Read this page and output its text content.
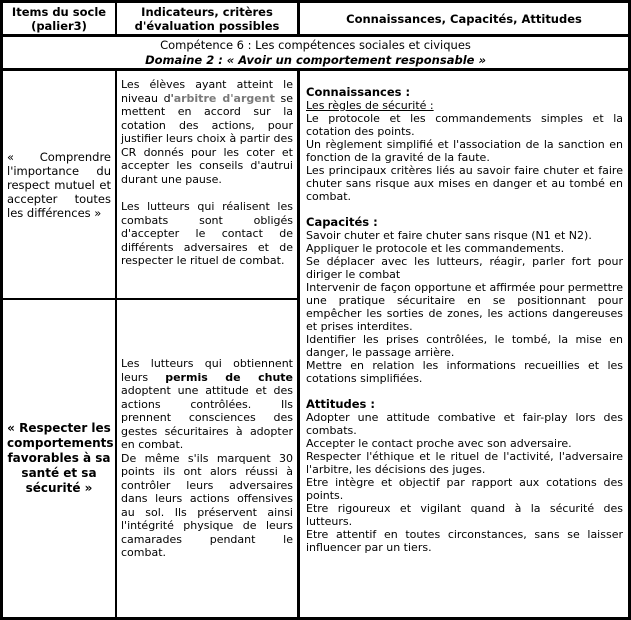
Items du socle (palier3)
Indicateurs, critères d'évaluation possibles	Connaissances, Capacités, Attitudes
Compétence 6 : Les compétences sociales et civiques
Domaine 2 : « Avoir un comportement responsable »
« Comprendre l'importance du respect mutuel et accepter toutes les différences »

Les élèves ayant atteint le niveau d'arbitre d'argent se mettent en accord sur la cotation des actions, pour justifier leurs choix à partir des CR donnés pour les coter et accepter les conseils d'autrui durant une pause.

Les lutteurs qui réalisent les combats sont obligés d'accepter le contact de différents adversaires et de respecter le rituel de combat.

« Respecter les comportements favorables à sa santé et sa sécurité »

Les lutteurs qui obtiennent leurs permis de chute adoptent une attitude et des actions contrôlées. Ils prennent consciences des gestes sécuritaires à adopter en combat.

De même s'ils marquent 30 points ils ont alors réussi à contrôler leurs adversaires dans leurs actions offensives au sol. Ils préservent ainsi l'intégrité physique de leurs camarades pendant le combat.

Connaissances :
Les règles de sécurité :
Le protocole et les commandements simples et la cotation des points.
Un règlement simplifié et l'association de la sanction en fonction de la gravité de la faute.
Les principaux critères liés au savoir faire chuter et faire chuter sans risque aux mises en danger et au tombé en combat.
Capacités :
Savoir chuter et faire chuter sans risque (N1 et N2).
Appliquer le protocole et les commandements.
Se déplacer avec les lutteurs, réagir, parler fort pour diriger le combat
Intervenir de façon opportune et affirmée pour permettre une pratique sécuritaire en se positionnant pour empêcher les sorties de zones, les actions dangereuses et prises interdites.
Identifier les prises contrôlées, le tombé, la mise en danger, le passage arrière.
Mettre en relation les informations recueillies et les cotations simplifiées.
Attitudes :
Adopter une attitude combative et fair-play lors des combats.
Accepter le contact proche avec son adversaire.
Respecter l'éthique et le rituel de l'activité, l'adversaire l'arbitre, les décisions des juges.
Etre intègre et objectif par rapport aux cotations des points.
Etre rigoureux et vigilant quand à la sécurité des lutteurs.
Etre attentif en toutes circonstances, sans se laisser influencer par un tiers.
